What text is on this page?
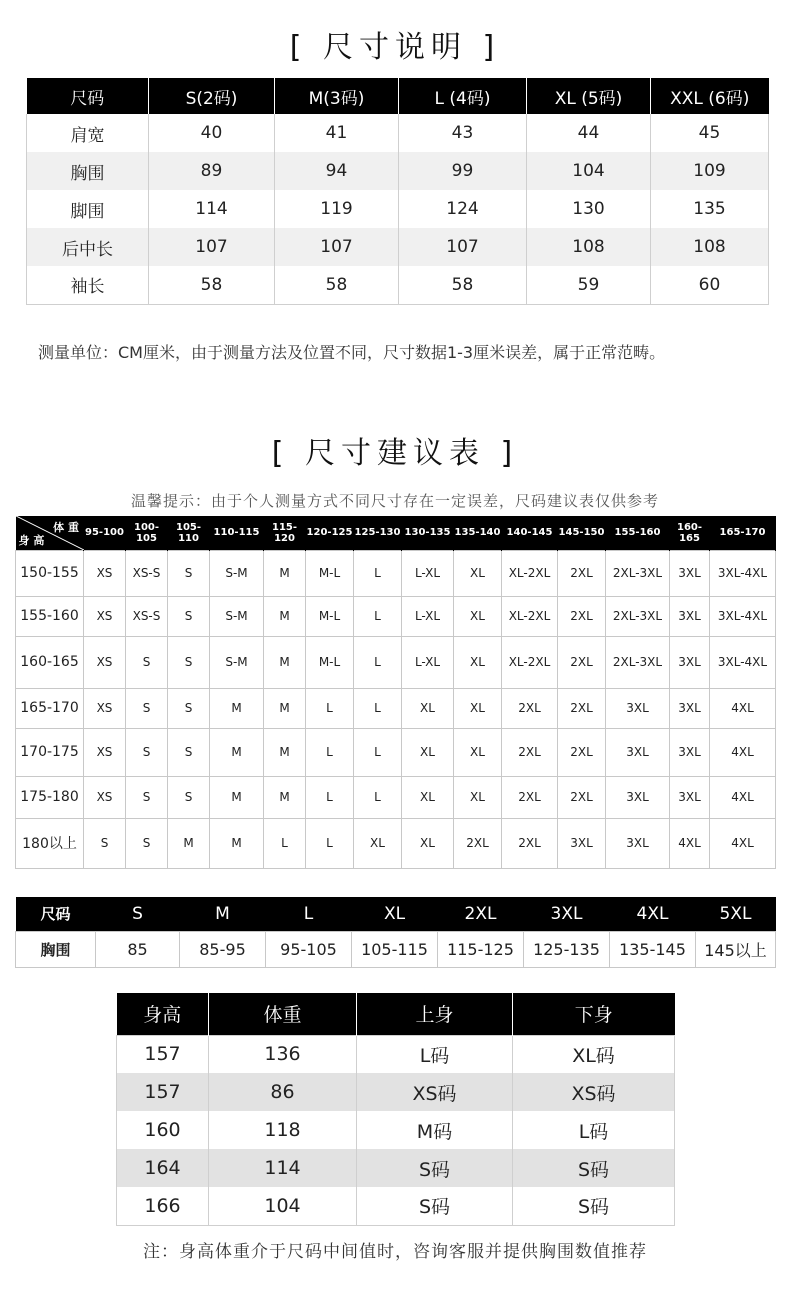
[ 尺寸说明 ]
尺码	S(2码)	M(3码)	L (4码)	XL (5码)	XXL (6码)
肩宽	40	41	43	44	45
胸围	89	94	99	104	109
脚围	114	119	124	130	135
后中长	107	107	107	108	108
袖长	58	58	58	59	60
测量单位：CM厘米，由于测量方法及位置不同，尺寸数据1-3厘米误差，属于正常范畴。
[ 尺寸建议表 ]
温馨提示：由于个人测量方式不同尺寸存在一定误差，尺码建议表仅供参考
体 重
身 高	95-100	100-105	105-110	110-115	115-120	120-125	125-130	130-135	135-140	140-145	145-150	155-160	160-165	165-170
150-155	XS	XS-S	S	S-M	M	M-L	L	L-XL	XL	XL-2XL	2XL	2XL-3XL	3XL	3XL-4XL
155-160	XS	XS-S	S	S-M	M	M-L	L	L-XL	XL	XL-2XL	2XL	2XL-3XL	3XL	3XL-4XL
160-165	XS	S	S	S-M	M	M-L	L	L-XL	XL	XL-2XL	2XL	2XL-3XL	3XL	3XL-4XL
165-170	XS	S	S	M	M	L	L	XL	XL	2XL	2XL	3XL	3XL	4XL
170-175	XS	S	S	M	M	L	L	XL	XL	2XL	2XL	3XL	3XL	4XL
175-180	XS	S	S	M	M	L	L	XL	XL	2XL	2XL	3XL	3XL	4XL
180以上	S	S	M	M	L	L	XL	XL	2XL	2XL	3XL	3XL	4XL	4XL
尺码	S	M	L	XL	2XL	3XL	4XL	5XL
胸围	85	85-95	95-105	105-115	115-125	125-135	135-145	145以上
身高	体重	上身	下身
157	136	L码	XL码
157	86	XS码	XS码
160	118	M码	L码
164	114	S码	S码
166	104	S码	S码
注：身高体重介于尺码中间值时，咨询客服并提供胸围数值推荐
